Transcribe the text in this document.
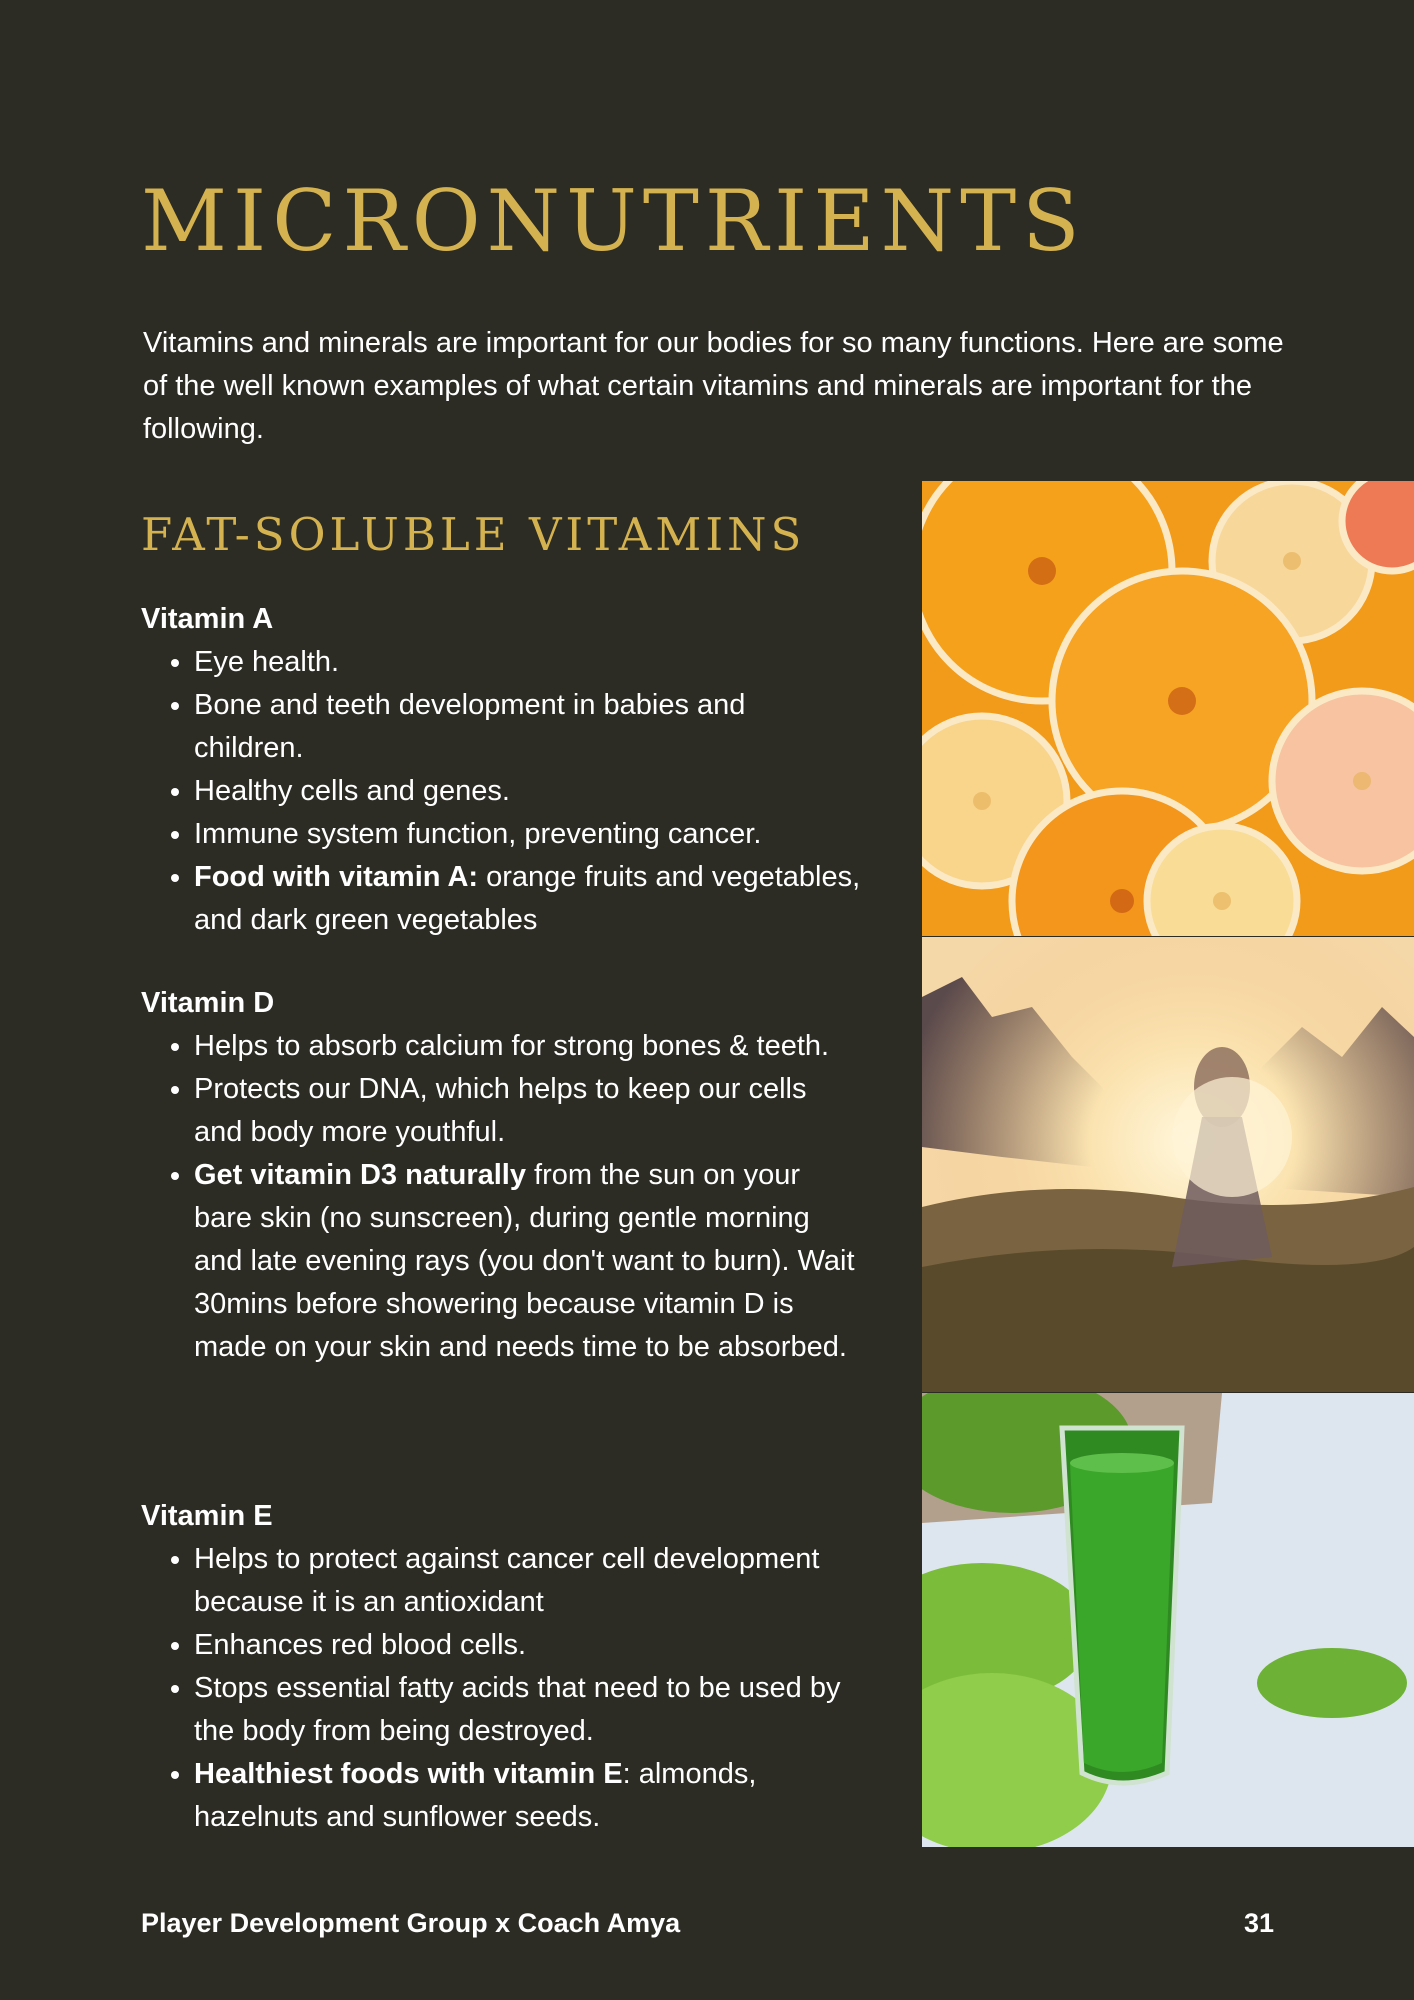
MICRONUTRIENTS

Vitamins and minerals are important for our bodies for so many functions. Here are some of the well known examples of what certain vitamins and minerals are important for the following.

FAT-SOLUBLE VITAMINS
Vitamin A
• Eye health.
• Bone and teeth development in babies and children.
• Healthy cells and genes.
• Immune system function, preventing cancer.
• Food with vitamin A: orange fruits and vegetables, and dark green vegetables
Vitamin D
• Helps to absorb calcium for strong bones & teeth.
• Protects our DNA, which helps to keep our cells and body more youthful.
• Get vitamin D3 naturally from the sun on your bare skin (no sunscreen), during gentle morning and late evening rays (you don't want to burn). Wait 30mins before showering because vitamin D is made on your skin and needs time to be absorbed.
Vitamin E
• Helps to protect against cancer cell development because it is an antioxidant
• Enhances red blood cells.
• Stops essential fatty acids that need to be used by the body from being destroyed.
• Healthiest foods with vitamin E: almonds, hazelnuts and sunflower seeds.
Player Development Group x Coach Amya	31
